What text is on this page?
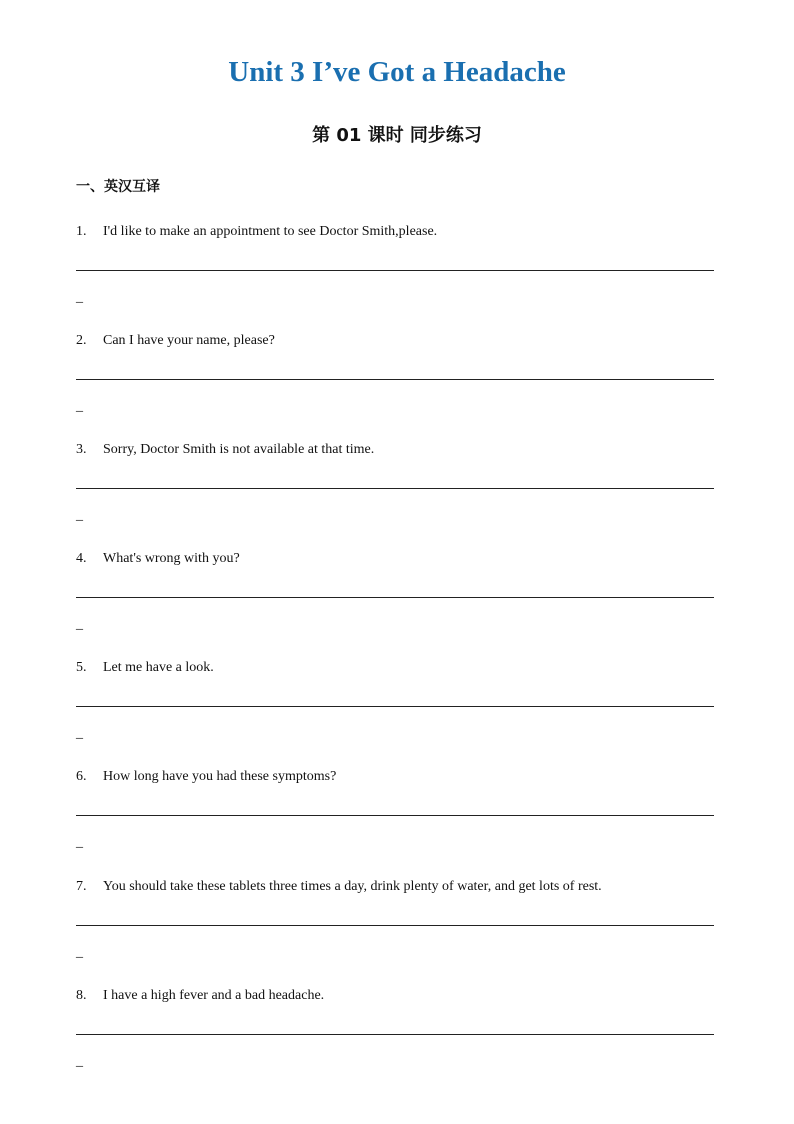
Unit 3 I’ve Got a Headache
第 01 课时 同步练习
一、英汉互译
1. I'd like to make an appointment to see Doctor Smith,please.
_
2. Can I have your name, please?
_
3. Sorry, Doctor Smith is not available at that time.
_
4. What's wrong with you?
_
5. Let me have a look.
_
6. How long have you had these symptoms?
_
7. You should take these tablets three times a day, drink plenty of water, and get lots of rest.
_
8. I have a high fever and a bad headache.
_
